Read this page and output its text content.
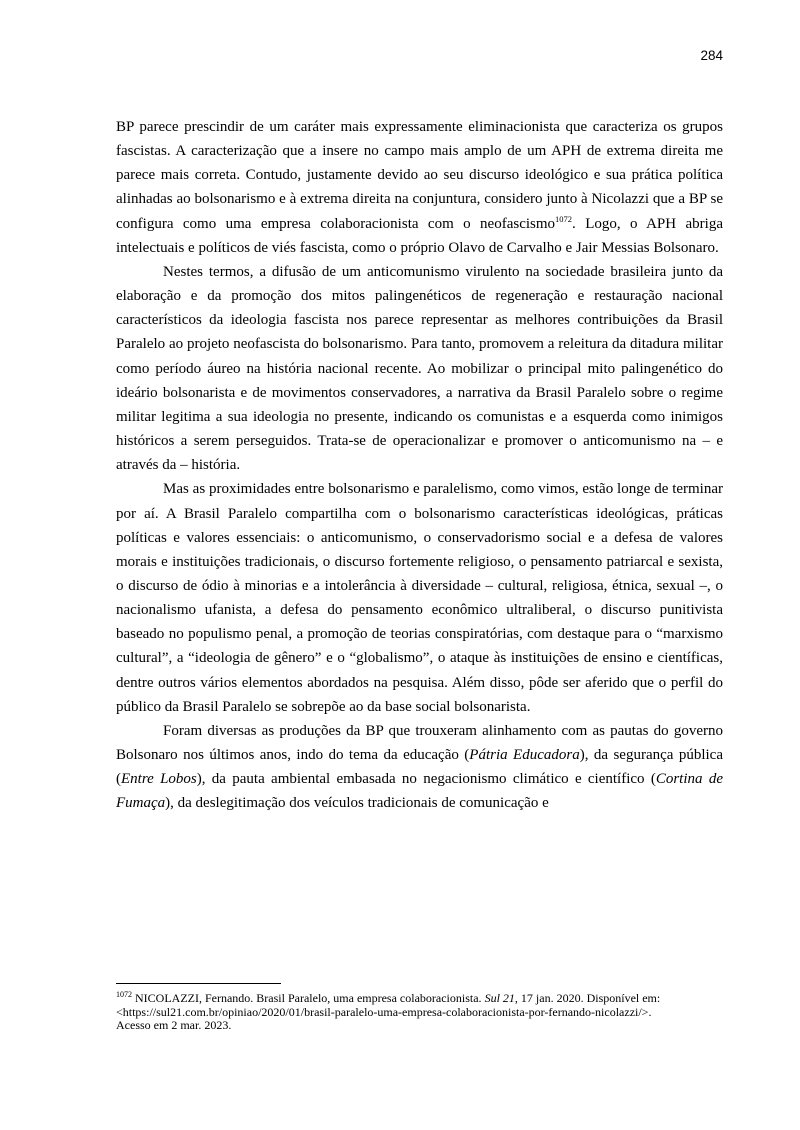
284

BP parece prescindir de um caráter mais expressamente eliminacionista que caracteriza os grupos fascistas. A caracterização que a insere no campo mais amplo de um APH de extrema direita me parece mais correta. Contudo, justamente devido ao seu discurso ideológico e sua prática política alinhadas ao bolsonarismo e à extrema direita na conjuntura, considero junto à Nicolazzi que a BP se configura como uma empresa colaboracionista com o neofascismo$^{1072}$. Logo, o APH abriga intelectuais e políticos de viés fascista, como o próprio Olavo de Carvalho e Jair Messias Bolsonaro.

Nestes termos, a difusão de um anticomunismo virulento na sociedade brasileira junto da elaboração e da promoção dos mitos palingenéticos de regeneração e restauração nacional característicos da ideologia fascista nos parece representar as melhores contribuições da Brasil Paralelo ao projeto neofascista do bolsonarismo. Para tanto, promovem a releitura da ditadura militar como período áureo na história nacional recente. Ao mobilizar o principal mito palingenético do ideário bolsonarista e de movimentos conservadores, a narrativa da Brasil Paralelo sobre o regime militar legitima a sua ideologia no presente, indicando os comunistas e a esquerda como inimigos históricos a serem perseguidos. Trata-se de operacionalizar e promover o anticomunismo na – e através da – história.

Mas as proximidades entre bolsonarismo e paralelismo, como vimos, estão longe de terminar por aí. A Brasil Paralelo compartilha com o bolsonarismo características ideológicas, práticas políticas e valores essenciais: o anticomunismo, o conservadorismo social e a defesa de valores morais e instituições tradicionais, o discurso fortemente religioso, o pensamento patriarcal e sexista, o discurso de ódio à minorias e a intolerância à diversidade – cultural, religiosa, étnica, sexual –, o nacionalismo ufanista, a defesa do pensamento econômico ultraliberal, o discurso punitivista baseado no populismo penal, a promoção de teorias conspiratórias, com destaque para o “marxismo cultural”, a “ideologia de gênero” e o “globalismo”, o ataque às instituições de ensino e científicas, dentre outros vários elementos abordados na pesquisa. Além disso, pôde ser aferido que o perfil do público da Brasil Paralelo se sobrepõe ao da base social bolsonarista.

Foram diversas as produções da BP que trouxeram alinhamento com as pautas do governo Bolsonaro nos últimos anos, indo do tema da educação (Pátria Educadora), da segurança pública (Entre Lobos), da pauta ambiental embasada no negacionismo climático e científico (Cortina de Fumaça), da deslegitimação dos veículos tradicionais de comunicação e

$^{1072}$ NICOLAZZI, Fernando. Brasil Paralelo, uma empresa colaboracionista. Sul 21, 17 jan. 2020. Disponível em:

<https://sul21.com.br/opiniao/2020/01/brasil-paralelo-uma-empresa-colaboracionista-por-fernando-nicolazzi/>.

Acesso em 2 mar. 2023.
